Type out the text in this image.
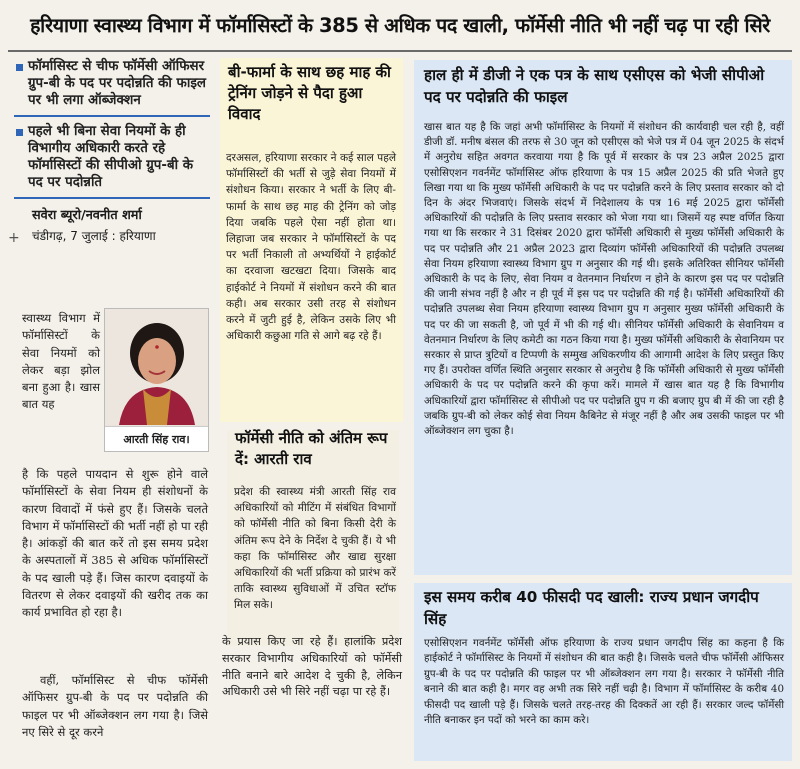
हरियाणा स्वास्थ्य विभाग में फॉर्मासिस्टों के 385 से अधिक पद खाली, फॉर्मेसी नीति भी नहीं चढ़ पा रही सिरे
फॉर्मासिस्ट से चीफ फॉर्मेसी ऑफिसर ग्रुप-बी के पद पर पदोन्नति की फाइल पर भी लगा ऑब्जेक्शन
पहले भी बिना सेवा नियमों के ही विभागीय अधिकारी करते रहे फॉर्मासिस्टों की सीपीओ ग्रुप-बी के पद पर पदोन्नति
सवेरा ब्यूरो/नवनीत शर्मा
चंडीगढ़, 7 जुलाई : हरियाणा
+
स्वास्थ्य विभाग में फॉर्मासिस्टों के सेवा नियमों को लेकर बड़ा झोल बना हुआ है। खास बात यह
आरती सिंह राव।
है कि पहले पायदान से शुरू होने वाले फॉर्मासिस्टों के सेवा नियम ही संशोधनों के कारण विवादों में फंसे हुए हैं। जिसके चलते विभाग में फॉर्मासिस्टों की भर्ती नहीं हो पा रही है। आंकड़ों की बात करें तो इस समय प्रदेश के अस्पतालों में 385 से अधिक फॉर्मासिस्टों के पद खाली पड़े हैं। जिस कारण दवाइयों के वितरण से लेकर दवाइयों की खरीद तक का कार्य प्रभावित हो रहा है।
वहीं, फॉर्मासिस्ट से चीफ फॉर्मेसी ऑफिसर ग्रुप-बी के पद पर पदोन्नति की फाइल पर भी ऑब्जेक्शन लग गया है। जिसे नए सिरे से दूर करने
बी-फार्मा के साथ छह माह की ट्रेनिंग जोड़ने से पैदा हुआ विवाद
दरअसल, हरियाणा सरकार ने कई साल पहले फॉर्मासिस्टों की भर्ती से जुड़े सेवा नियमों में संशोधन किया। सरकार ने भर्ती के लिए बी-फार्मा के साथ छह माह की ट्रेनिंग को जोड़ दिया जबकि पहले ऐसा नहीं होता था। लिहाजा जब सरकार ने फॉर्मासिस्टों के पद पर भर्ती निकाली तो अभ्यर्थियों ने हाईकोर्ट का दरवाजा खटखटा दिया। जिसके बाद हाईकोर्ट ने नियमों में संशोधन करने की बात कही। अब सरकार उसी तरह से संशोधन करने में जुटी हुई है, लेकिन उसके लिए भी अधिकारी कछुआ गति से आगे बढ़ रहे हैं।
फॉर्मेसी नीति को अंतिम रूप दें: आरती राव
प्रदेश की स्वास्थ्य मंत्री आरती सिंह राव अधिकारियों को मीटिंग में संबंधित विभागों को फॉर्मेसी नीति को बिना किसी देरी के अंतिम रूप देने के निर्देश दे चुकी हैं। ये भी कहा कि फॉर्मासिस्ट और खाद्य सुरक्षा अधिकारियों की भर्ती प्रक्रिया को प्रारंभ करें ताकि स्वास्थ्य सुविधाओं में उचित स्टॉफ मिल सके।
के प्रयास किए जा रहे हैं। हालांकि प्रदेश सरकार विभागीय अधिकारियों को फॉर्मेसी नीति बनाने बारे आदेश दे चुकी है, लेकिन अधिकारी उसे भी सिरे नहीं चढ़ा पा रहे हैं।
हाल ही में डीजी ने एक पत्र के साथ एसीएस को भेजी सीपीओ पद पर पदोन्नति की फाइल
खास बात यह है कि जहां अभी फॉर्मासिस्ट के नियमों में संशोधन की कार्यवाही चल रही है, वहीं डीजी डॉ. मनीष बंसल की तरफ से 30 जून को एसीएस को भेजे पत्र में 04 जून 2025 के संदर्भ में अनुरोध सहित अवगत करवाया गया है कि पूर्व में सरकार के पत्र 23 अप्रैल 2025 द्वारा एसोसिएशन गवर्नमेंट फॉर्मासिस्ट ऑफ हरियाणा के पत्र 15 अप्रैल 2025 की प्रति भेजते हुए लिखा गया था कि मुख्य फॉर्मेसी अधिकारी के पद पर पदोन्नति करने के लिए प्रस्ताव सरकार को दो दिन के अंदर भिजवाएं। जिसके संदर्भ में निदेशालय के पत्र 16 मई 2025 द्वारा फॉर्मेसी अधिकारियों की पदोन्नति के लिए प्रस्ताव सरकार को भेजा गया था। जिसमें यह स्पष्ट वर्णित किया गया था कि सरकार ने 31 दिसंबर 2020 द्वारा फॉर्मेसी अधिकारी से मुख्य फॉर्मेसी अधिकारी के पद पर पदोन्नति और 21 अप्रैल 2023 द्वारा दिव्यांग फॉर्मेसी अधिकारियों की पदोन्नति उपलब्ध सेवा नियम हरियाणा स्वास्थ्य विभाग ग्रुप ग अनुसार की गई थी। इसके अतिरिक्त सीनियर फॉर्मेसी अधिकारी के पद के लिए, सेवा नियम व वेतनमान निर्धारण न होने के कारण इस पद पर पदोन्नति की जानी संभव नहीं है और न ही पूर्व में इस पद पर पदोन्नति की गई है। फॉर्मेसी अधिकारियों की पदोन्नति उपलब्ध सेवा नियम हरियाणा स्वास्थ्य विभाग ग्रुप ग अनुसार मुख्य फॉर्मेसी अधिकारी के पद पर की जा सकती है, जो पूर्व में भी की गई थी। सीनियर फॉर्मेसी अधिकारी के सेवानियम व वेतनमान निर्धारण के लिए कमेटी का गठन किया गया है। मुख्य फॉर्मेसी अधिकारी के सेवानियम पर सरकार से प्राप्त त्रुटियों व टिप्पणी के सम्मुख अधिकरणीय की आगामी आदेश के लिए प्रस्तुत किए गए हैं। उपरोक्त वर्णित स्थिति अनुसार सरकार से अनुरोध है कि फॉर्मेसी अधिकारी से मुख्य फॉर्मेसी अधिकारी के पद पर पदोन्नति करने की कृपा करें। मामले में खास बात यह है कि विभागीय अधिकारियों द्वारा फॉर्मासिस्ट से सीपीओ पद पर पदोन्नति ग्रुप ग की बजाए ग्रुप बी में की जा रही है जबकि ग्रुप-बी को लेकर कोई सेवा नियम कैबिनेट से मंजूर नहीं है और अब उसकी फाइल पर भी ऑब्जेक्शन लग चुका है।
इस समय करीब 40 फीसदी पद खाली: राज्य प्रधान जगदीप सिंह
एसोसिएशन गवर्नमेंट फॉर्मेसी ऑफ हरियाणा के राज्य प्रधान जगदीप सिंह का कहना है कि हाईकोर्ट ने फॉर्मासिस्ट के नियमों में संशोधन की बात कही है। जिसके चलते चीफ फॉर्मेसी ऑफिसर ग्रुप-बी के पद पर पदोन्नति की फाइल पर भी ऑब्जेक्शन लग गया है। सरकार ने फॉर्मेसी नीति बनाने की बात कही है। मगर वह अभी तक सिरे नहीं चढ़ी है। विभाग में फॉर्मासिस्ट के करीब 40 फीसदी पद खाली पड़े हैं। जिसके चलते तरह-तरह की दिक्कतें आ रही हैं। सरकार जल्द फॉर्मेसी नीति बनाकर इन पदों को भरने का काम करे।
